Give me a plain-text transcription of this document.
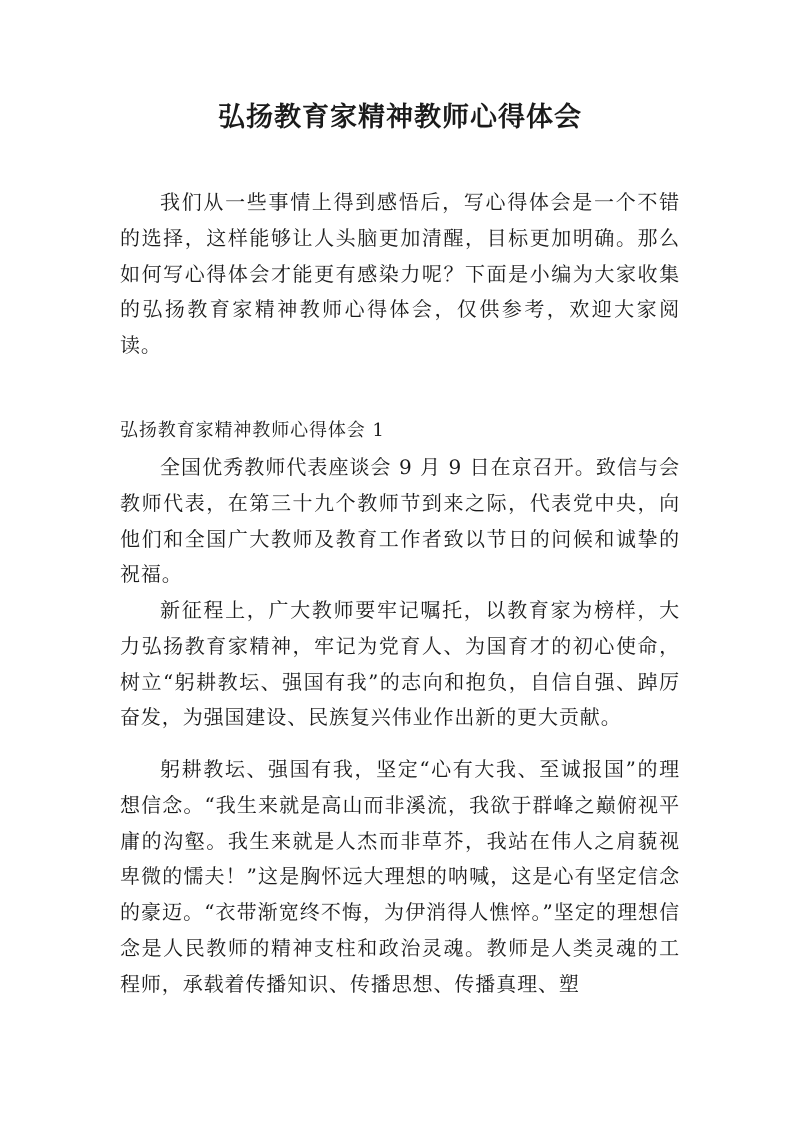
弘扬教育家精神教师心得体会

我们从一些事情上得到感悟后，写心得体会是一个不错的选择，这样能够让人头脑更加清醒，目标更加明确。那么如何写心得体会才能更有感染力呢？下面是小编为大家收集的弘扬教育家精神教师心得体会，仅供参考，欢迎大家阅读。

弘扬教育家精神教师心得体会 1

全国优秀教师代表座谈会 9 月 9 日在京召开。致信与会教师代表，在第三十九个教师节到来之际，代表党中央，向他们和全国广大教师及教育工作者致以节日的问候和诚挚的祝福。

新征程上，广大教师要牢记嘱托，以教育家为榜样，大力弘扬教育家精神，牢记为党育人、为国育才的初心使命，树立“躬耕教坛、强国有我”的志向和抱负，自信自强、踔厉奋发，为强国建设、民族复兴伟业作出新的更大贡献。

躬耕教坛、强国有我，坚定“心有大我、至诚报国”的理想信念。“我生来就是高山而非溪流，我欲于群峰之巅俯视平庸的沟壑。我生来就是人杰而非草芥，我站在伟人之肩藐视卑微的懦夫！”这是胸怀远大理想的呐喊，这是心有坚定信念的豪迈。“衣带渐宽终不悔，为伊消得人憔悴。”坚定的理想信念是人民教师的精神支柱和政治灵魂。教师是人类灵魂的工程师，承载着传播知识、传播思想、传播真理、塑
